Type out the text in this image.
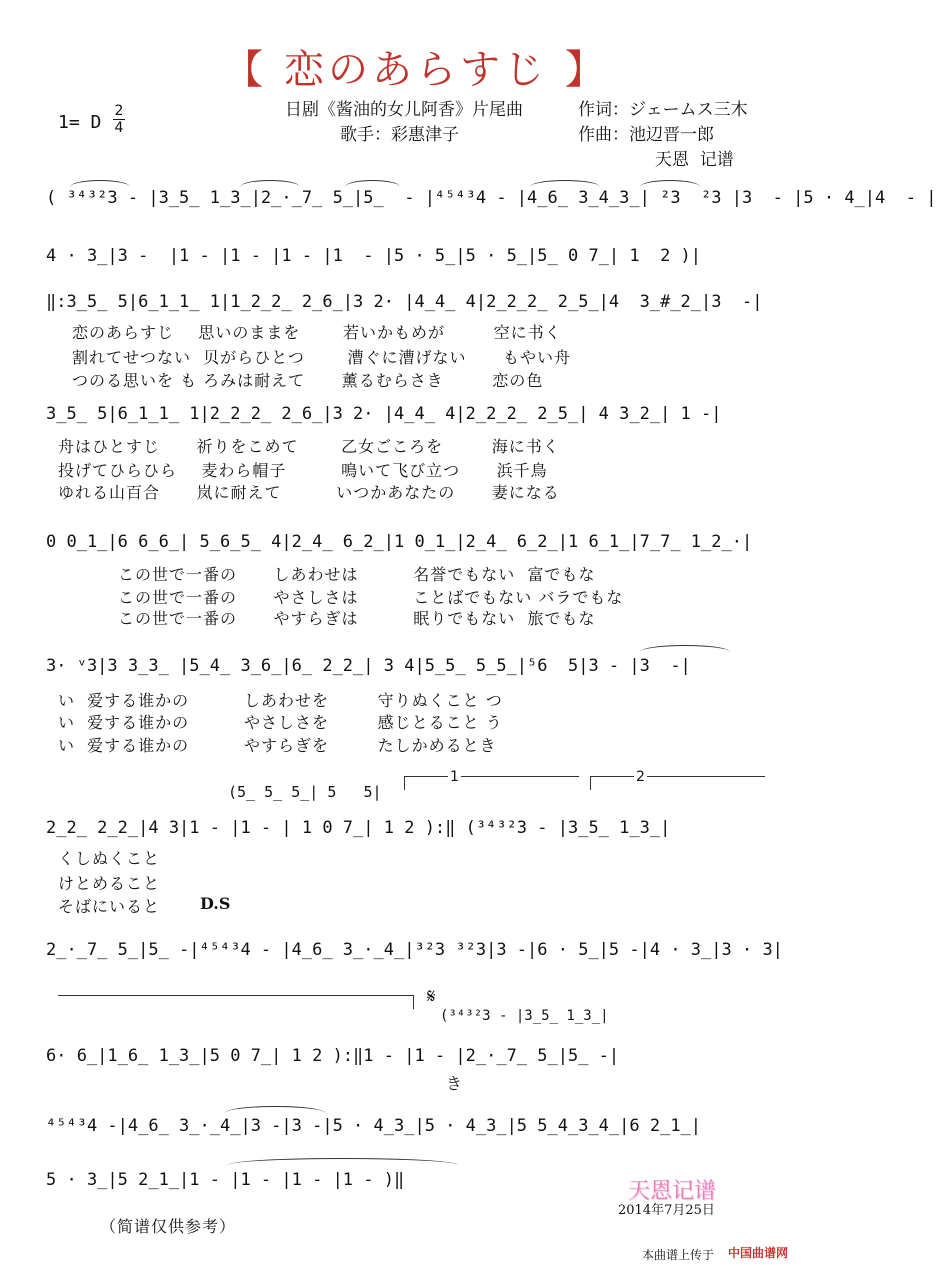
【 恋のあらすじ 】
日剧《酱油的女儿阿香》片尾曲
歌手：彩惠津子
作词：ジェームス三木
作曲：池辺晋一郎
天恩  记谱
1= D
2
4
( ³⁴³²3 - |3̲5̲ 1̲3̲|2̲·̲7̲ 5̲|5̲  - |⁴⁵⁴³4 - |4̲6̲ 3̲4̲3̲| ²3  ²3 |3  - |5 · 4̲|4  - |
4 · 3̲|3 -  |1 - |1 - |1 - |1  - |5 · 5̲|5 · 5̲|5̲ 0 7̲| 1  2 )|
‖:3̲5̲ 5|6̲1̲1̲ 1|1̲2̲2̲ 2̲6̲|3 2· |4̲4̲ 4|2̲2̲2̲ 2̲5̲|4  3̲#̲2̲|3  -|
恋のあらすじ    思いのままを       若いかもめが        空に书く
割れてせつない  贝がらひとつ       漕ぐに漕げない      もやい舟
つのる思いを も ろみは耐えて      薰るむらさき        恋の色
3̲5̲ 5|6̲1̲1̲ 1|2̲2̲2̲ 2̲6̲|3 2· |4̲4̲ 4|2̲2̲2̲ 2̲5̲| 4 3̲2̲| 1 -|
舟はひとすじ      祈りをこめて       乙女ごころを        海に书く
投げてひらひら    麦わら帽子         鳴いて飞び立つ      浜千鳥
ゆれる山百合      岚に耐えて         いつかあなたの      妻になる
0 0̲1̲|6 6̲6̲| 5̲6̲5̲ 4|2̲4̲ 6̲2̲|1 0̲1̲|2̲4̲ 6̲2̲|1 6̲1̲|7̲7̲ 1̲2̲·|
この世で一番の      しあわせは         名誉でもない  富でもな
この世で一番の      やさしさは         ことばでもない バラでもな
この世で一番の      やすらぎは         眠りでもない  旅でもな
3· ᵛ3|3 3̲3̲ |5̲4̲ 3̲6̲|6̲ 2̲2̲| 3 4|5̲5̲ 5̲5̲|⁵6  5|3 - |3  -|
い  爱する谁かの         しあわせを        守りぬくこと つ
い  爱する谁かの         やさしさを        感じとること う
い  爱する谁かの         やすらぎを        たしかめるとき
1	2
(5̲ 5̲ 5̲| 5   5|
2̲2̲ 2̲2̲|4 3|1 - |1 - | 1 0 7̲| 1 2 ):‖ (³⁴³²3 - |3̲5̲ 1̲3̲|
くしぬくこと
けとめること
そばにいると D.S
2̲·̲7̲ 5̲|5̲ -|⁴⁵⁴³4 - |4̲6̲ 3̲·̲4̲|³²3 ³²3|3 -|6 · 5̲|5 -|4 · 3̲|3 · 3|
𝄋
(³⁴³²3 - |3̲5̲ 1̲3̲|
6· 6̲|1̲6̲ 1̲3̲|5 0 7̲| 1 2 ):‖1 - |1 - |2̲·̲7̲ 5̲|5̲ -|
き
⁴⁵⁴³4 -|4̲6̲ 3̲·̲4̲|3 -|3 -|5 · 4̲3̲|5 · 4̲3̲|5 5̲4̲3̲4̲|6 2̲1̲|
5 · 3̲|5 2̲1̲|1 - |1 - |1 - |1 - )‖
（简谱仅供参考）
天恩记谱
2014年7月25日
本曲谱上传于 中国曲谱网
